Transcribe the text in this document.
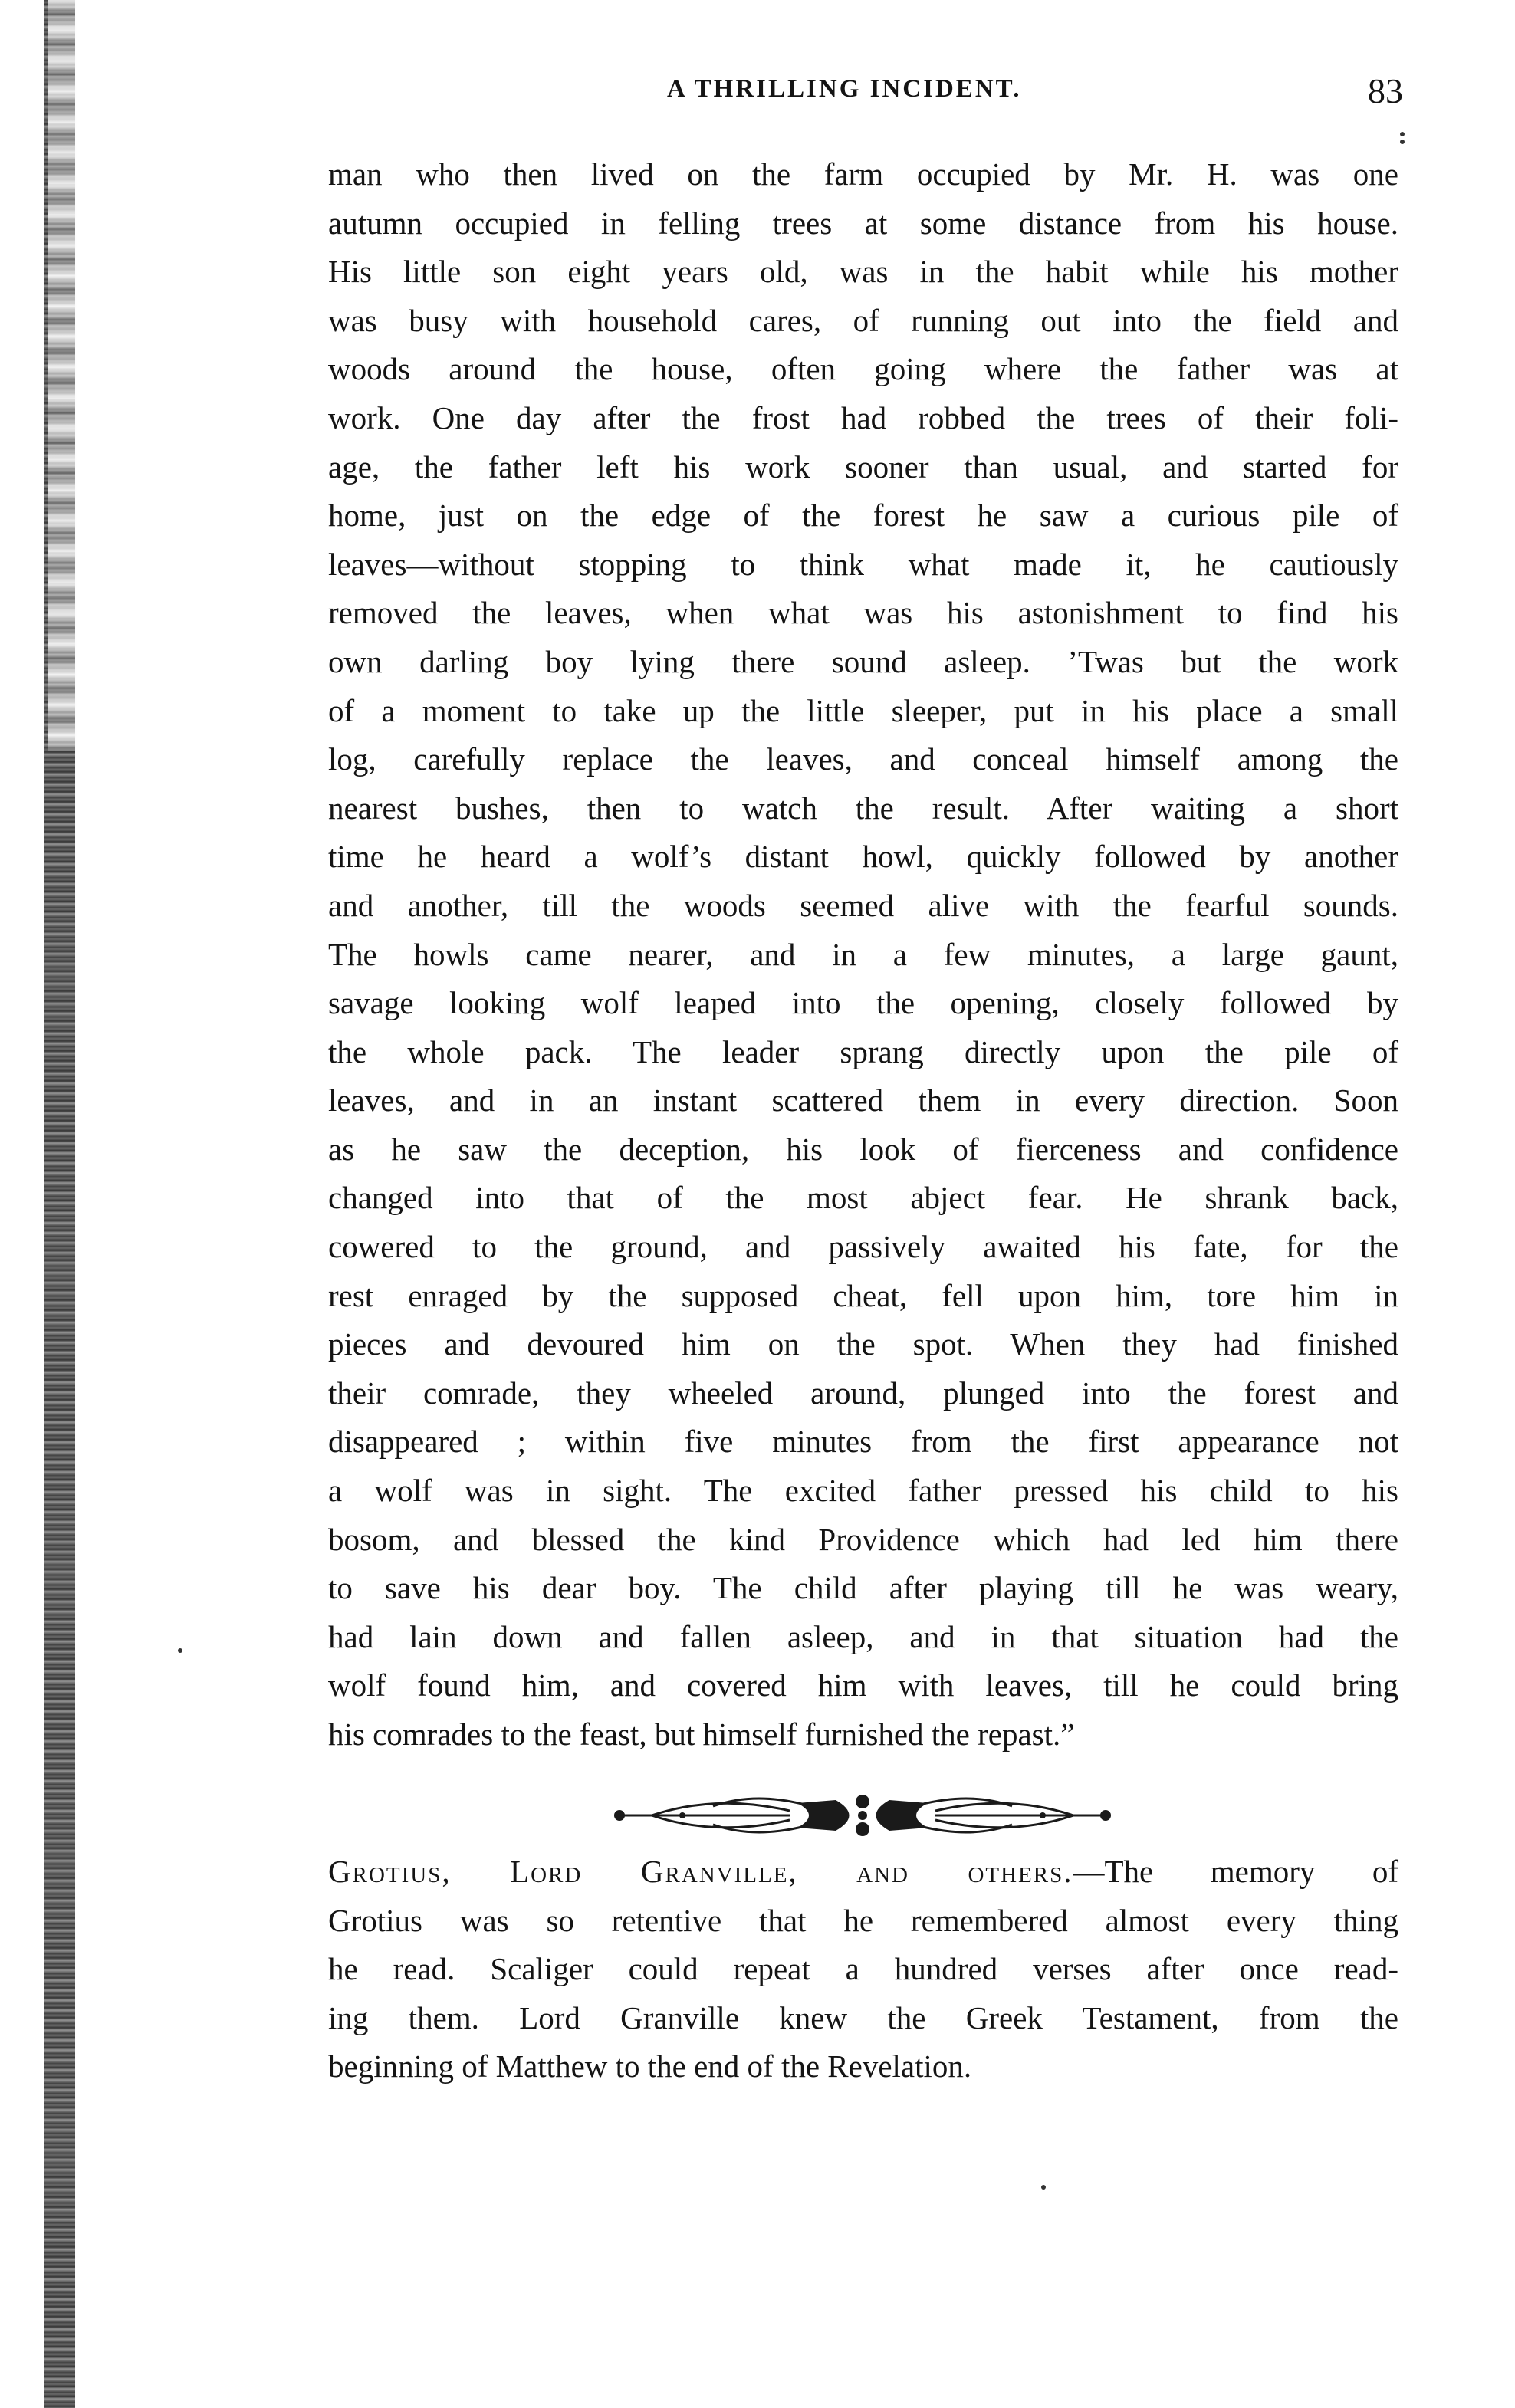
A THRILLING INCIDENT.	83
man who then lived on the farm occupied by Mr. H. was one
autumn occupied in felling trees at some distance from his house.
His little son eight years old, was in the habit while his mother
was busy with household cares, of running out into the field and
woods around the house, often going where the father was at
work. One day after the frost had robbed the trees of their foli-
age, the father left his work sooner than usual, and started for
home, just on the edge of the forest he saw a curious pile of
leaves—without stopping to think what made it, he cautiously
removed the leaves, when what was his astonishment to find his
own darling boy lying there sound asleep. ’Twas but the work
of a moment to take up the little sleeper, put in his place a small
log, carefully replace the leaves, and conceal himself among the
nearest bushes, then to watch the result. After waiting a short
time he heard a wolf’s distant howl, quickly followed by another
and another, till the woods seemed alive with the fearful sounds.
The howls came nearer, and in a few minutes, a large gaunt,
savage looking wolf leaped into the opening, closely followed by
the whole pack. The leader sprang directly upon the pile of
leaves, and in an instant scattered them in every direction. Soon
as he saw the deception, his look of fierceness and confidence
changed into that of the most abject fear. He shrank back,
cowered to the ground, and passively awaited his fate, for the
rest enraged by the supposed cheat, fell upon him, tore him in
pieces and devoured him on the spot. When they had finished
their comrade, they wheeled around, plunged into the forest and
disappeared ; within five minutes from the first appearance not
a wolf was in sight. The excited father pressed his child to his
bosom, and blessed the kind Providence which had led him there
to save his dear boy. The child after playing till he was weary,
had lain down and fallen asleep, and in that situation had the
wolf found him, and covered him with leaves, till he could bring
his comrades to the feast, but himself furnished the repast.”
Grotius, Lord Granville, and others.—The memory of
Grotius was so retentive that he remembered almost every thing
he read. Scaliger could repeat a hundred verses after once read-
ing them. Lord Granville knew the Greek Testament, from the
beginning of Matthew to the end of the Revelation.
